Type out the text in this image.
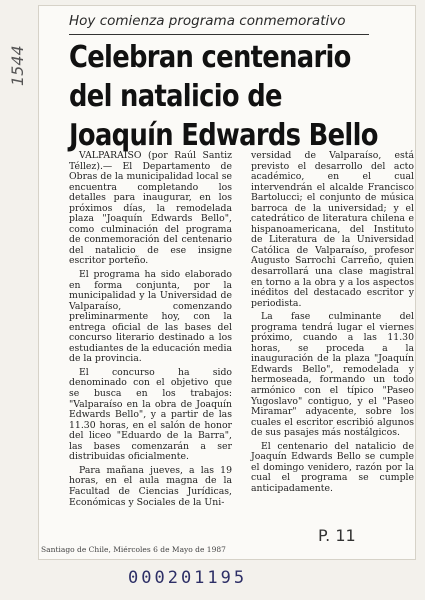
1544
Hoy comienza programa conmemorativo
Celebran centenario
del natalicio de
Joaquín Edwards Bello

VALPARAISO (por Raúl Santiz Téllez).— El Departamento de Obras de la municipalidad local se encuentra completando los detalles para inaugurar, en los próximos días, la remodelada plaza "Joaquín Edwards Bello", como culminación del programa de conmemoración del centenario del natalicio de ese insigne escritor porteño.

El programa ha sido elaborado en forma conjunta, por la municipalidad y la Universidad de Valparaíso, comenzando preliminarmente hoy, con la entrega oficial de las bases del concurso literario destinado a los estudiantes de la educación media de la provincia.

El concurso ha sido denominado con el objetivo que se busca en los trabajos: "Valparaíso en la obra de Joaquín Edwards Bello", y a partir de las 11.30 horas, en el salón de honor del liceo "Eduardo de la Barra", las bases comenzarán a ser distribuidas oficialmente.

Para mañana jueves, a las 19 horas, en el aula magna de la Facultad de Ciencias Jurídicas, Económicas y Sociales de la Uni-

versidad de Valparaíso, está previsto el desarrollo del acto académico, en el cual intervendrán el alcalde Francisco Bartolucci; el conjunto de música barroca de la universidad; y el catedrático de literatura chilena e hispanoamericana, del Instituto de Literatura de la Universidad Católica de Valparaíso, profesor Augusto Sarrochi Carreño, quien desarrollará una clase magistral en torno a la obra y a los aspectos inéditos del destacado escritor y periodista.

La fase culminante del programa tendrá lugar el viernes próximo, cuando a las 11.30 horas, se proceda a la inauguración de la plaza "Joaquín Edwards Bello", remodelada y hermoseada, formando un todo armónico con el típico "Paseo Yugoslavo" contiguo, y el "Paseo Miramar" adyacente, sobre los cuales el escritor escribió algunos de sus pasajes más nostálgicos.

El centenario del natalicio de Joaquín Edwards Bello se cumple el domingo venidero, razón por la cual el programa se cumple anticipadamente.

Santiago de Chile, Miércoles 6 de Mayo de 1987
P. 11
000201195
